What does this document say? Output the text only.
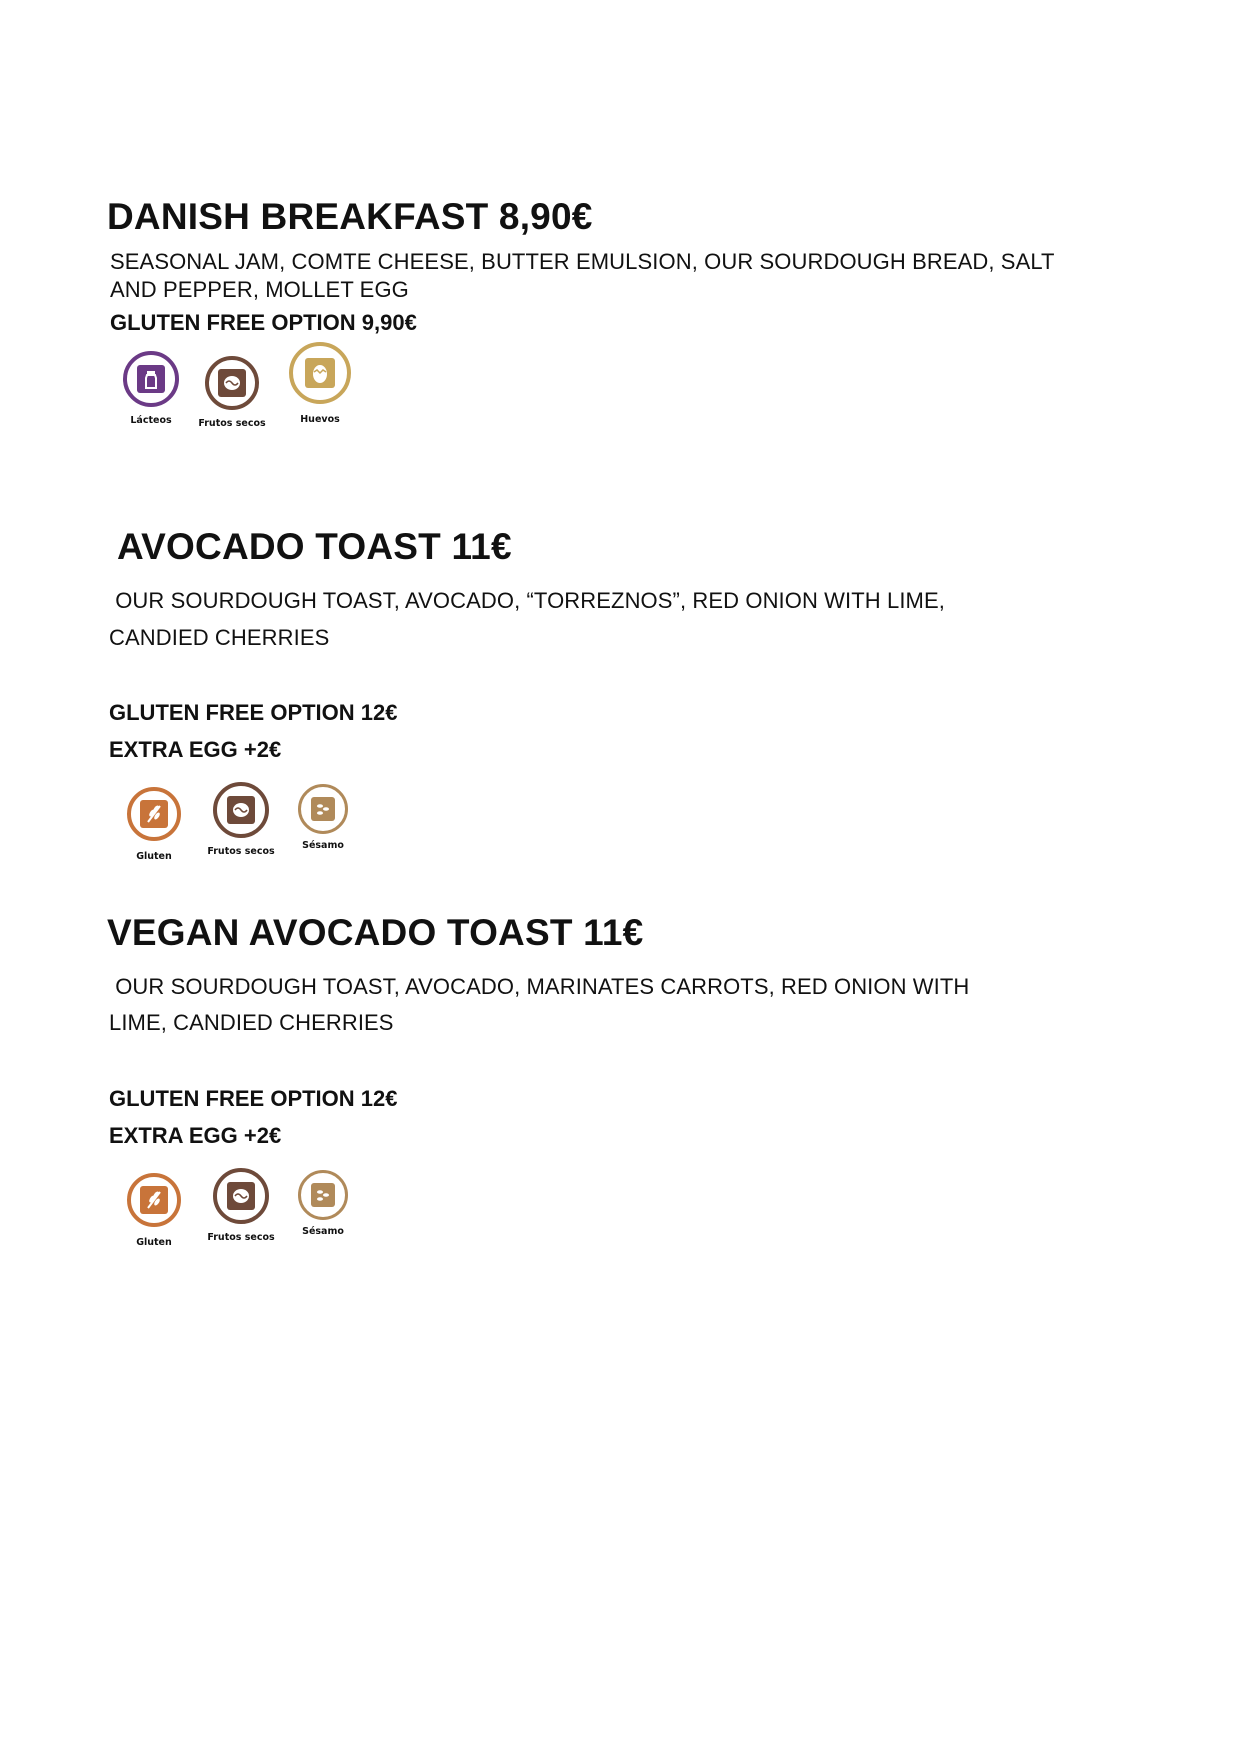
DANISH BREAKFAST 8,90€
SEASONAL JAM, COMTE CHEESE, BUTTER EMULSION, OUR SOURDOUGH BREAD, SALT
AND PEPPER, MOLLET EGG
GLUTEN FREE OPTION 9,90€
Lácteos	Frutos secos	Huevos
AVOCADO TOAST 11€
OUR SOURDOUGH TOAST, AVOCADO, “TORREZNOS”, RED ONION WITH LIME,
CANDIED CHERRIES
GLUTEN FREE OPTION 12€
EXTRA EGG +2€
Gluten	Frutos secos
Sésamo
VEGAN AVOCADO TOAST 11€
OUR SOURDOUGH TOAST, AVOCADO, MARINATES CARROTS, RED ONION WITH
LIME, CANDIED CHERRIES
GLUTEN FREE OPTION 12€
EXTRA EGG +2€
Gluten	Frutos secos
Sésamo
